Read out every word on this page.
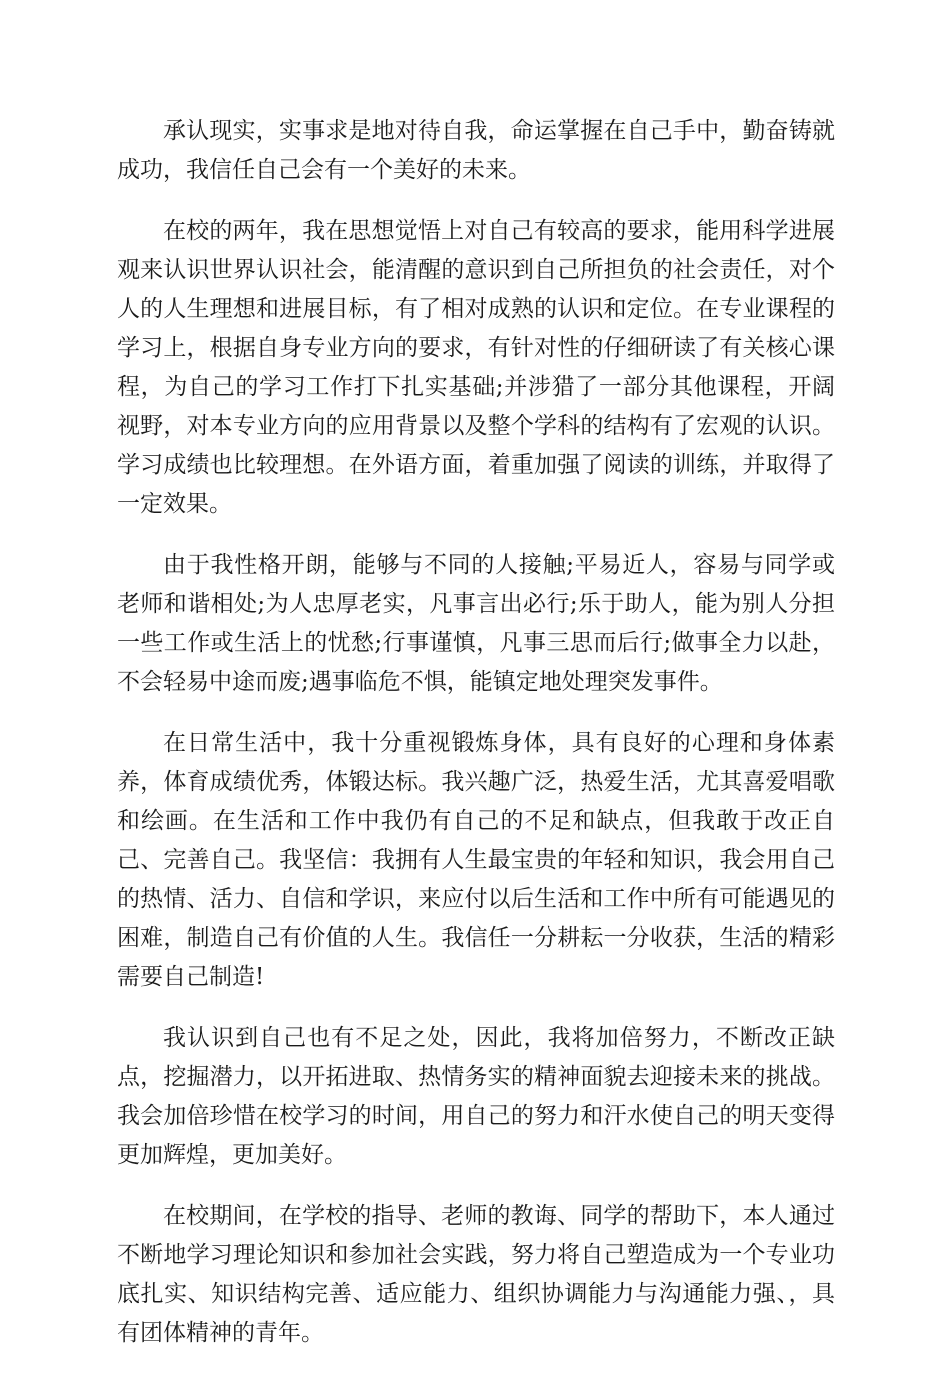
承认现实，实事求是地对待自我，命运掌握在自己手中，勤奋铸就成功，我信任自己会有一个美好的未来。

在校的两年，我在思想觉悟上对自己有较高的要求，能用科学进展观来认识世界认识社会，能清醒的意识到自己所担负的社会责任，对个人的人生理想和进展目标，有了相对成熟的认识和定位。在专业课程的学习上，根据自身专业方向的要求，有针对性的仔细研读了有关核心课程，为自己的学习工作打下扎实基础;并涉猎了一部分其他课程，开阔视野，对本专业方向的应用背景以及整个学科的结构有了宏观的认识。学习成绩也比较理想。在外语方面，着重加强了阅读的训练，并取得了一定效果。

由于我性格开朗，能够与不同的人接触;平易近人，容易与同学或老师和谐相处;为人忠厚老实，凡事言出必行;乐于助人，能为别人分担一些工作或生活上的忧愁;行事谨慎，凡事三思而后行;做事全力以赴，不会轻易中途而废;遇事临危不惧，能镇定地处理突发事件。

在日常生活中，我十分重视锻炼身体，具有良好的心理和身体素养，体育成绩优秀，体锻达标。我兴趣广泛，热爱生活，尤其喜爱唱歌和绘画。在生活和工作中我仍有自己的不足和缺点，但我敢于改正自己、完善自己。我坚信：我拥有人生最宝贵的年轻和知识，我会用自己的热情、活力、自信和学识，来应付以后生活和工作中所有可能遇见的困难，制造自己有价值的人生。我信任一分耕耘一分收获，生活的精彩需要自己制造!

我认识到自己也有不足之处，因此，我将加倍努力，不断改正缺点，挖掘潜力，以开拓进取、热情务实的精神面貌去迎接未来的挑战。我会加倍珍惜在校学习的时间，用自己的努力和汗水使自己的明天变得更加辉煌，更加美好。

在校期间，在学校的指导、老师的教诲、同学的帮助下，本人通过不断地学习理论知识和参加社会实践，努力将自己塑造成为一个专业功底扎实、知识结构完善、适应能力、组织协调能力与沟通能力强、，具有团体精神的青年。
